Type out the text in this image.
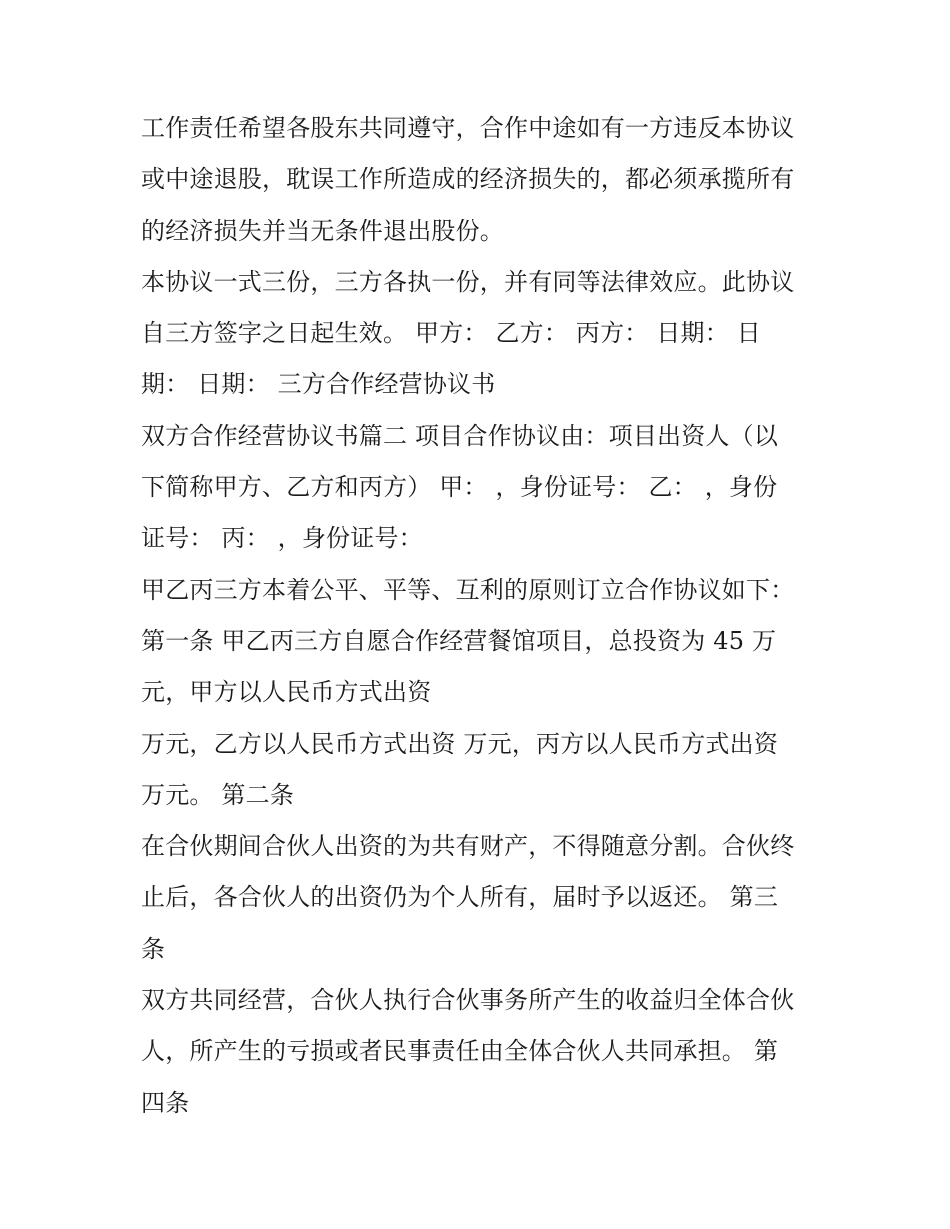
工作责任希望各股东共同遵守，合作中途如有一方违反本协议
或中途退股，耽误工作所造成的经济损失的，都必须承揽所有
的经济损失并当无条件退出股份。
本协议一式三份，三方各执一份，并有同等法律效应。此协议
自三方签字之日起生效。 甲方： 乙方： 丙方： 日期： 日
期： 日期： 三方合作经营协议书
双方合作经营协议书篇二 项目合作协议由：项目出资人（以
下简称甲方、乙方和丙方） 甲： ，身份证号： 乙： ，身份
证号： 丙： ，身份证号：
甲乙丙三方本着公平、平等、互利的原则订立合作协议如下：
第一条 甲乙丙三方自愿合作经营餐馆项目，总投资为 45 万
元，甲方以人民币方式出资
万元，乙方以人民币方式出资 万元，丙方以人民币方式出资
万元。 第二条
在合伙期间合伙人出资的为共有财产，不得随意分割。合伙终
止后，各合伙人的出资仍为个人所有，届时予以返还。 第三
条
双方共同经营，合伙人执行合伙事务所产生的收益归全体合伙
人，所产生的亏损或者民事责任由全体合伙人共同承担。 第
四条
